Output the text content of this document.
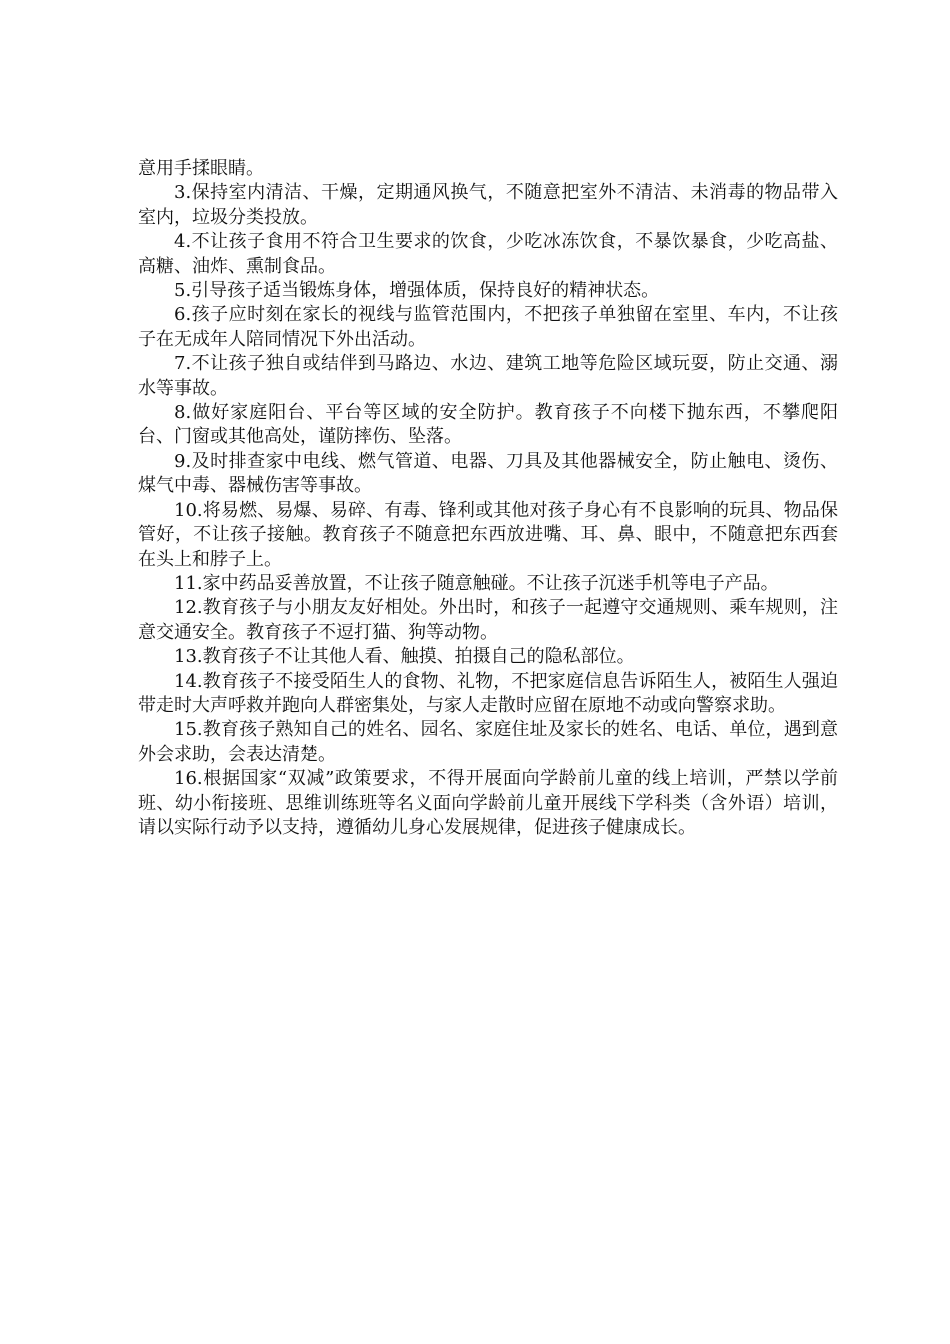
意用手揉眼睛。

3.保持室内清洁、干燥，定期通风换气，不随意把室外不清洁、未消毒的物品带入室内，垃圾分类投放。

4.不让孩子食用不符合卫生要求的饮食，少吃冰冻饮食，不暴饮暴食，少吃高盐、高糖、油炸、熏制食品。

5.引导孩子适当锻炼身体，增强体质，保持良好的精神状态。

6.孩子应时刻在家长的视线与监管范围内，不把孩子单独留在室里、车内，不让孩子在无成年人陪同情况下外出活动。

7.不让孩子独自或结伴到马路边、水边、建筑工地等危险区域玩耍，防止交通、溺水等事故。

8.做好家庭阳台、平台等区域的安全防护。教育孩子不向楼下抛东西，不攀爬阳台、门窗或其他高处，谨防摔伤、坠落。

9.及时排查家中电线、燃气管道、电器、刀具及其他器械安全，防止触电、烫伤、煤气中毒、器械伤害等事故。

10.将易燃、易爆、易碎、有毒、锋利或其他对孩子身心有不良影响的玩具、物品保管好，不让孩子接触。教育孩子不随意把东西放进嘴、耳、鼻、眼中，不随意把东西套在头上和脖子上。

11.家中药品妥善放置，不让孩子随意触碰。不让孩子沉迷手机等电子产品。

12.教育孩子与小朋友友好相处。外出时，和孩子一起遵守交通规则、乘车规则，注意交通安全。教育孩子不逗打猫、狗等动物。

13.教育孩子不让其他人看、触摸、拍摄自己的隐私部位。

14.教育孩子不接受陌生人的食物、礼物，不把家庭信息告诉陌生人，被陌生人强迫带走时大声呼救并跑向人群密集处，与家人走散时应留在原地不动或向警察求助。

15.教育孩子熟知自己的姓名、园名、家庭住址及家长的姓名、电话、单位，遇到意外会求助，会表达清楚。

16.根据国家“双减”政策要求，不得开展面向学龄前儿童的线上培训，严禁以学前班、幼小衔接班、思维训练班等名义面向学龄前儿童开展线下学科类（含外语）培训，请以实际行动予以支持，遵循幼儿身心发展规律，促进孩子健康成长。
